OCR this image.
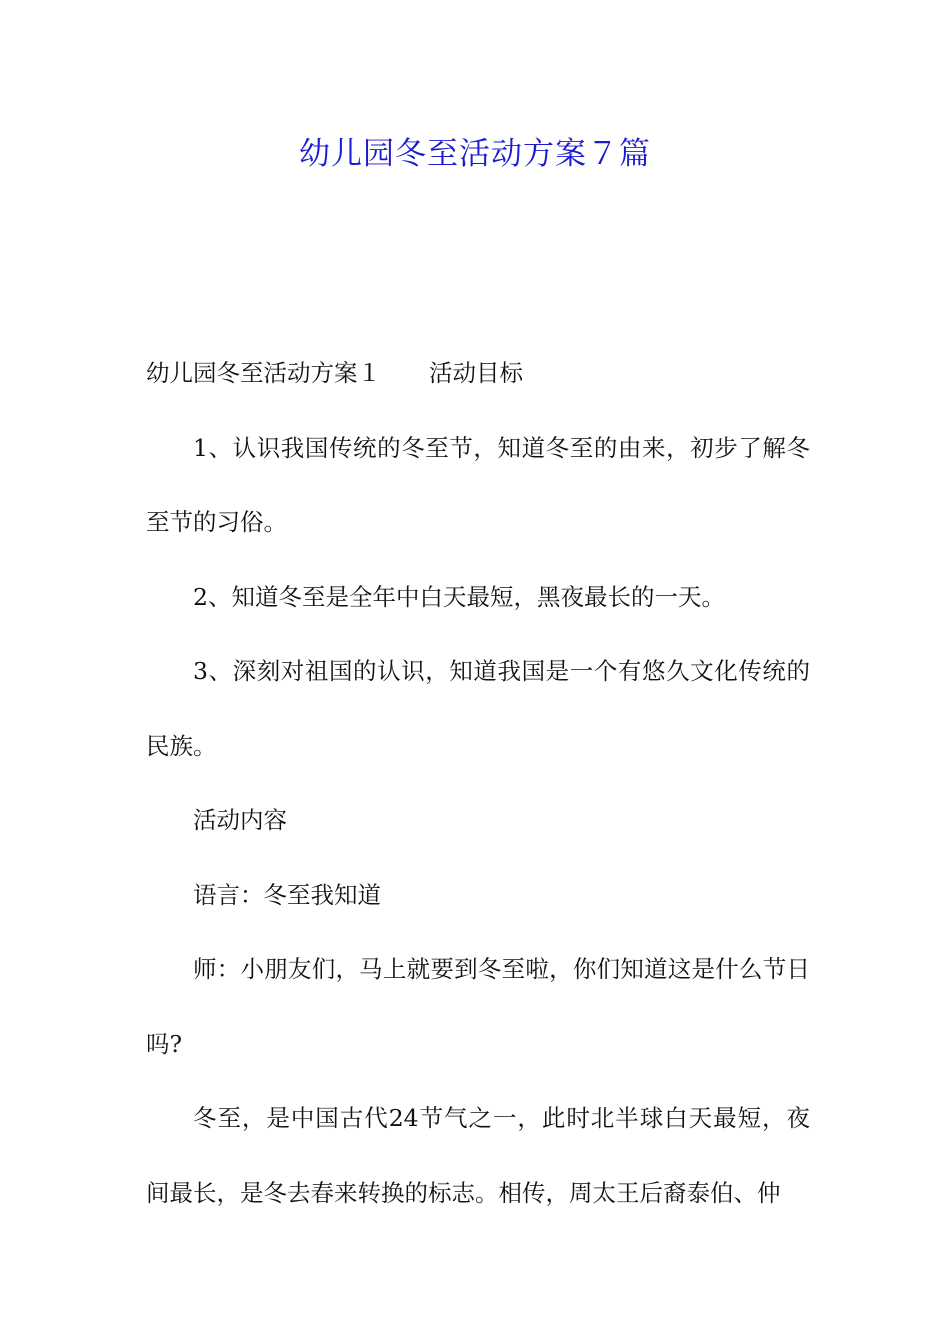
幼儿园冬至活动方案７篇

幼儿园冬至活动方案１ 活动目标

1、认识我国传统的冬至节，知道冬至的由来，初步了解冬至节的习俗。

2、知道冬至是全年中白天最短，黑夜最长的一天。

3、深刻对祖国的认识，知道我国是一个有悠久文化传统的民族。

活动内容

语言：冬至我知道

师：小朋友们，马上就要到冬至啦，你们知道这是什么节日吗?

冬至，是中国古代24节气之一，此时北半球白天最短，夜间最长，是冬去春来转换的标志。相传，周太王后裔泰伯、仲
